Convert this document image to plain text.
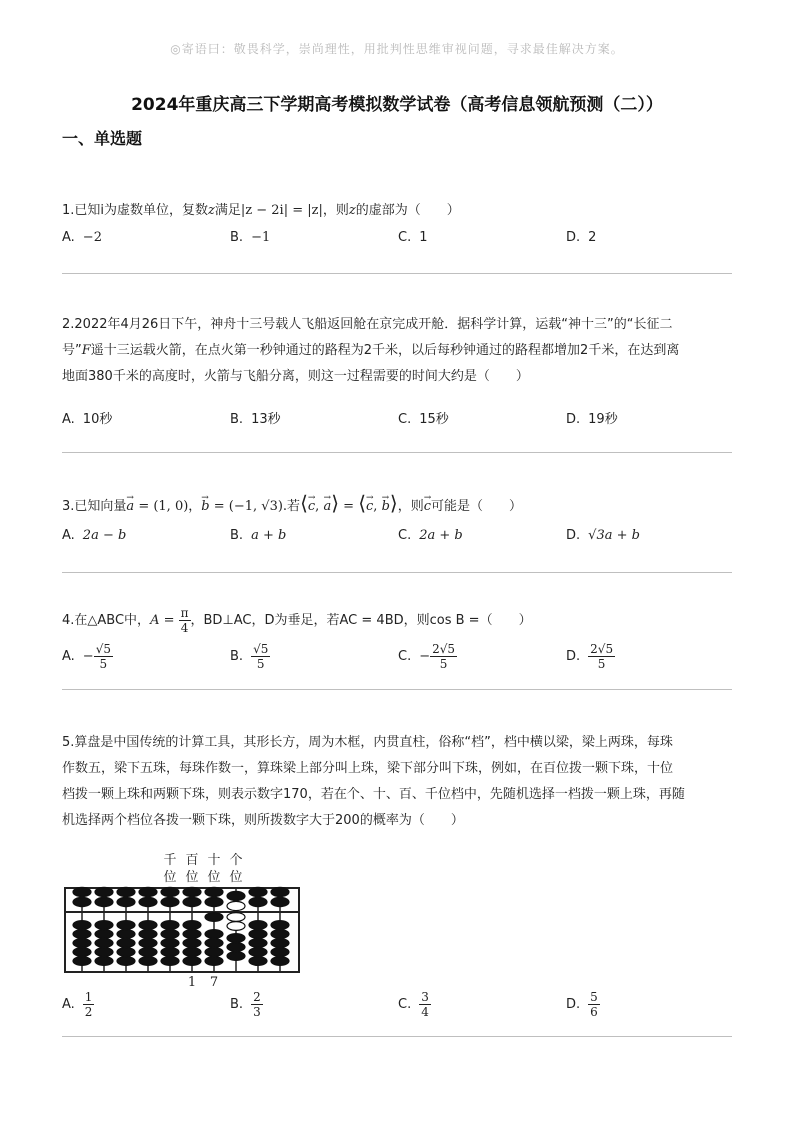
◎寄语曰：敬畏科学，崇尚理性，用批判性思维审视问题，寻求最佳解决方案。
2024年重庆高三下学期高考模拟数学试卷（高考信息领航预测（二））
一、单选题

1.已知i为虚数单位，复数z满足|z − 2i| = |z|，则z的虚部为（　　）

A. −2	B. −1	C. 1	D. 2

2.2022年4月26日下午，神舟十三号载人飞船返回舱在京完成开舱．据科学计算，运载“神十三”的“长征二

号”F遥十三运载火箭，在点火第一秒钟通过的路程为2千米，以后每秒钟通过的路程都增加2千米，在达到离

地面380千米的高度时，火箭与飞船分离，则这一过程需要的时间大约是（　　）

A. 10秒	B. 13秒	C. 15秒	D. 19秒

3.已知向量→ a = (1, 0)，→ b = (−1, √3).若⟨→ c, → a⟩ = ⟨→ c, → b⟩，则→ c可能是（　　）

A. 2a − b	B. a + b	C. 2a + b	D. √3a + b

4.在△ABC中，$A = \frac{\pi}{4}$ ，BD⊥AC，D为垂足，若AC = 4BD，则cos B =（　　）

A. − $\frac{√5}{5}$	B. $\frac{√5}{5}$	C. − $\frac{2√5}{5}$	D. $\frac{2√5}{5}$

5.算盘是中国传统的计算工具，其形长方，周为木框，内贯直柱，俗称“档”，档中横以梁，梁上两珠，每珠

作数五，梁下五珠，每珠作数一，算珠梁上部分叫上珠，梁下部分叫下珠，例如，在百位拨一颗下珠，十位

档拨一颗上珠和两颗下珠，则表示数字170，若在个、十、百、千位档中，先随机选择一档拨一颗上珠，再随

机选择两个档位各拨一颗下珠，则所拨数字大于200的概率为（　　）

千 百 十 个
位 位 位 位
1 7
A. $\frac{1}{2}$	B. $\frac{2}{3}$	C. $\frac{3}{4}$	D. $\frac{5}{6}$
